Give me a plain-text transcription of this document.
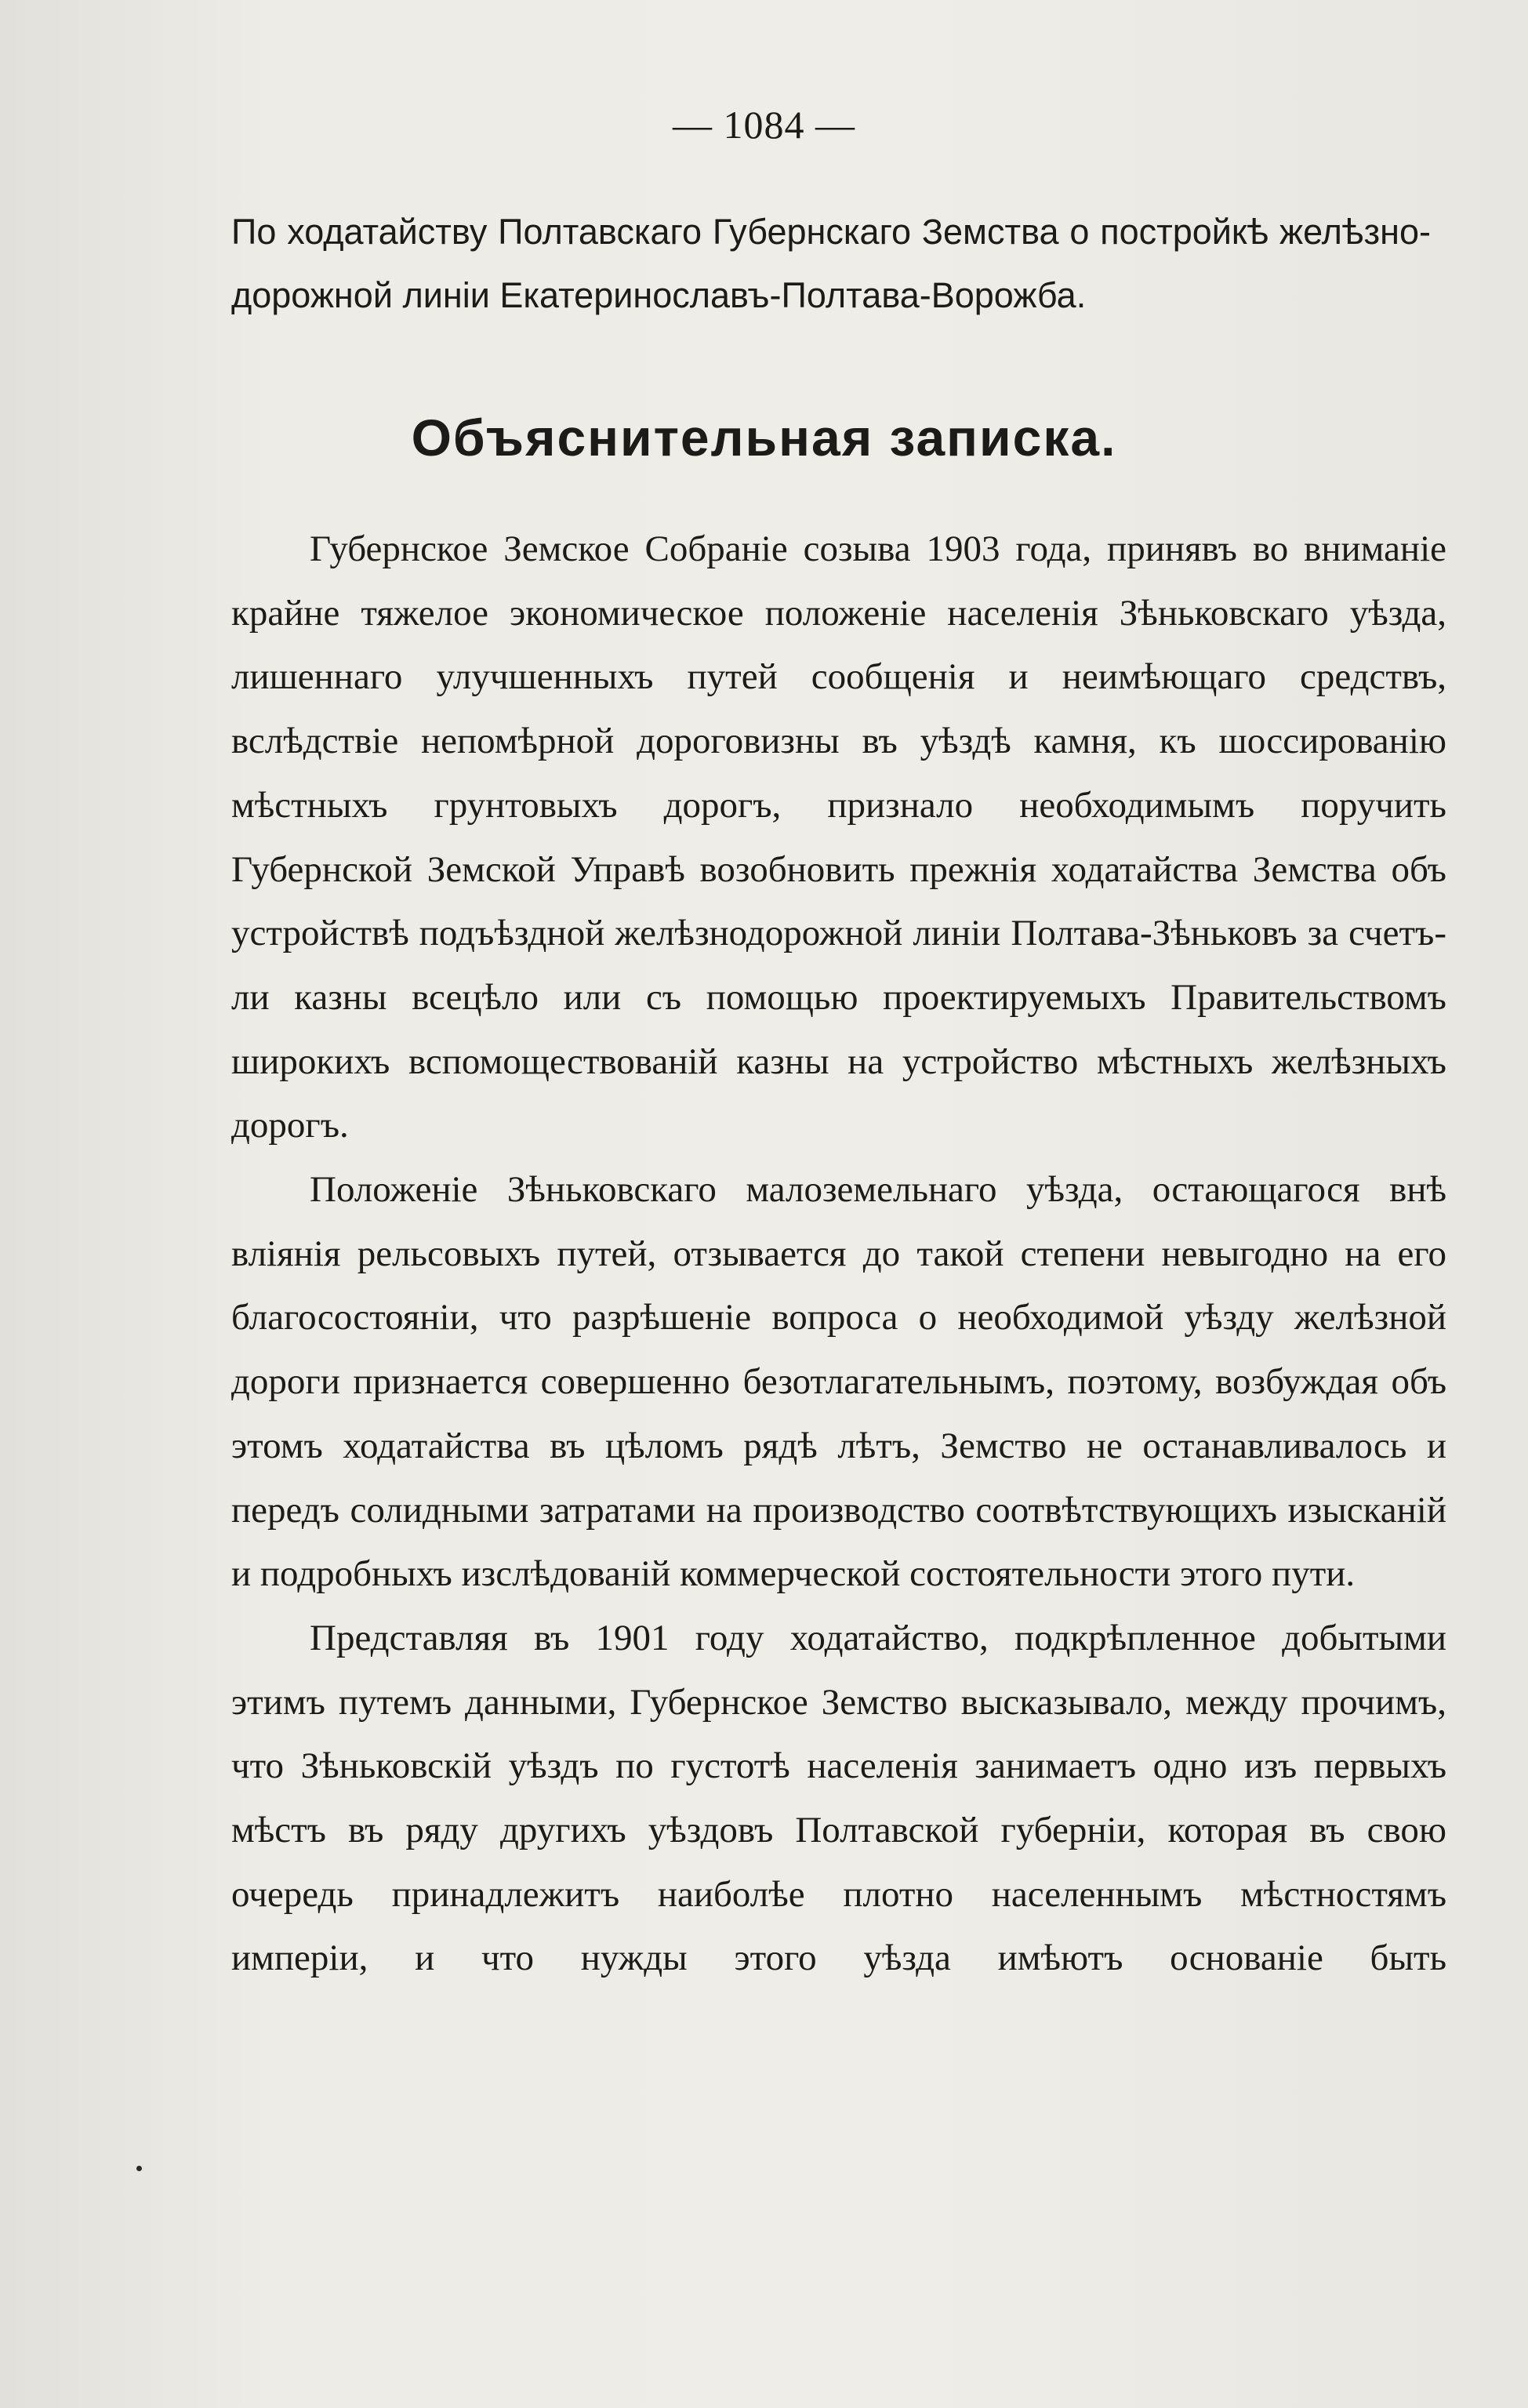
— 1084 —
По ходатайству Полтавскаго Губернскаго Земства о постройкѣ желѣзно-дорожной линіи Екатеринославъ-Полтава-Ворожба.
Объяснительная записка.

Губернское Земское Собраніе созыва 1903 года, принявъ во вниманіе крайне тяжелое экономическое положеніе населенія Зѣньковскаго уѣзда, лишеннаго улучшенныхъ путей сообщенія и неимѣющаго средствъ, вслѣдствіе непомѣрной дороговизны въ уѣздѣ камня, къ шоссированію мѣстныхъ грунтовыхъ дорогъ, признало необходимымъ поручить Губернской Земской Управѣ возобновить прежнія ходатайства Земства объ устройствѣ подъѣздной желѣзнодорожной линіи Полтава-Зѣньковъ за счетъ-ли казны всецѣло или съ помощью проектируемыхъ Правительствомъ широкихъ вспомоществованій казны на устройство мѣстныхъ желѣзныхъ дорогъ.

Положеніе Зѣньковскаго малоземельнаго уѣзда, остающагося внѣ вліянія рельсовыхъ путей, отзывается до такой степени невыгодно на его благосостояніи, что разрѣшеніе вопроса о необходимой уѣзду желѣзной дороги признается совершенно безотлагательнымъ, поэтому, возбуждая объ этомъ ходатайства въ цѣломъ рядѣ лѣтъ, Земство не останавливалось и передъ солидными затратами на производство соотвѣтствующихъ изысканій и подробныхъ изслѣдованій коммерческой состоятельности этого пути.

Представляя въ 1901 году ходатайство, подкрѣпленное добытыми этимъ путемъ данными, Губернское Земство высказывало, между прочимъ, что Зѣньковскій уѣздъ по густотѣ населенія занимаетъ одно изъ первыхъ мѣстъ въ ряду другихъ уѣздовъ Полтавской губерніи, которая въ свою очередь принадлежитъ наиболѣе плотно населеннымъ мѣстностямъ имперіи, и что нужды этого уѣзда имѣютъ основаніе быть
